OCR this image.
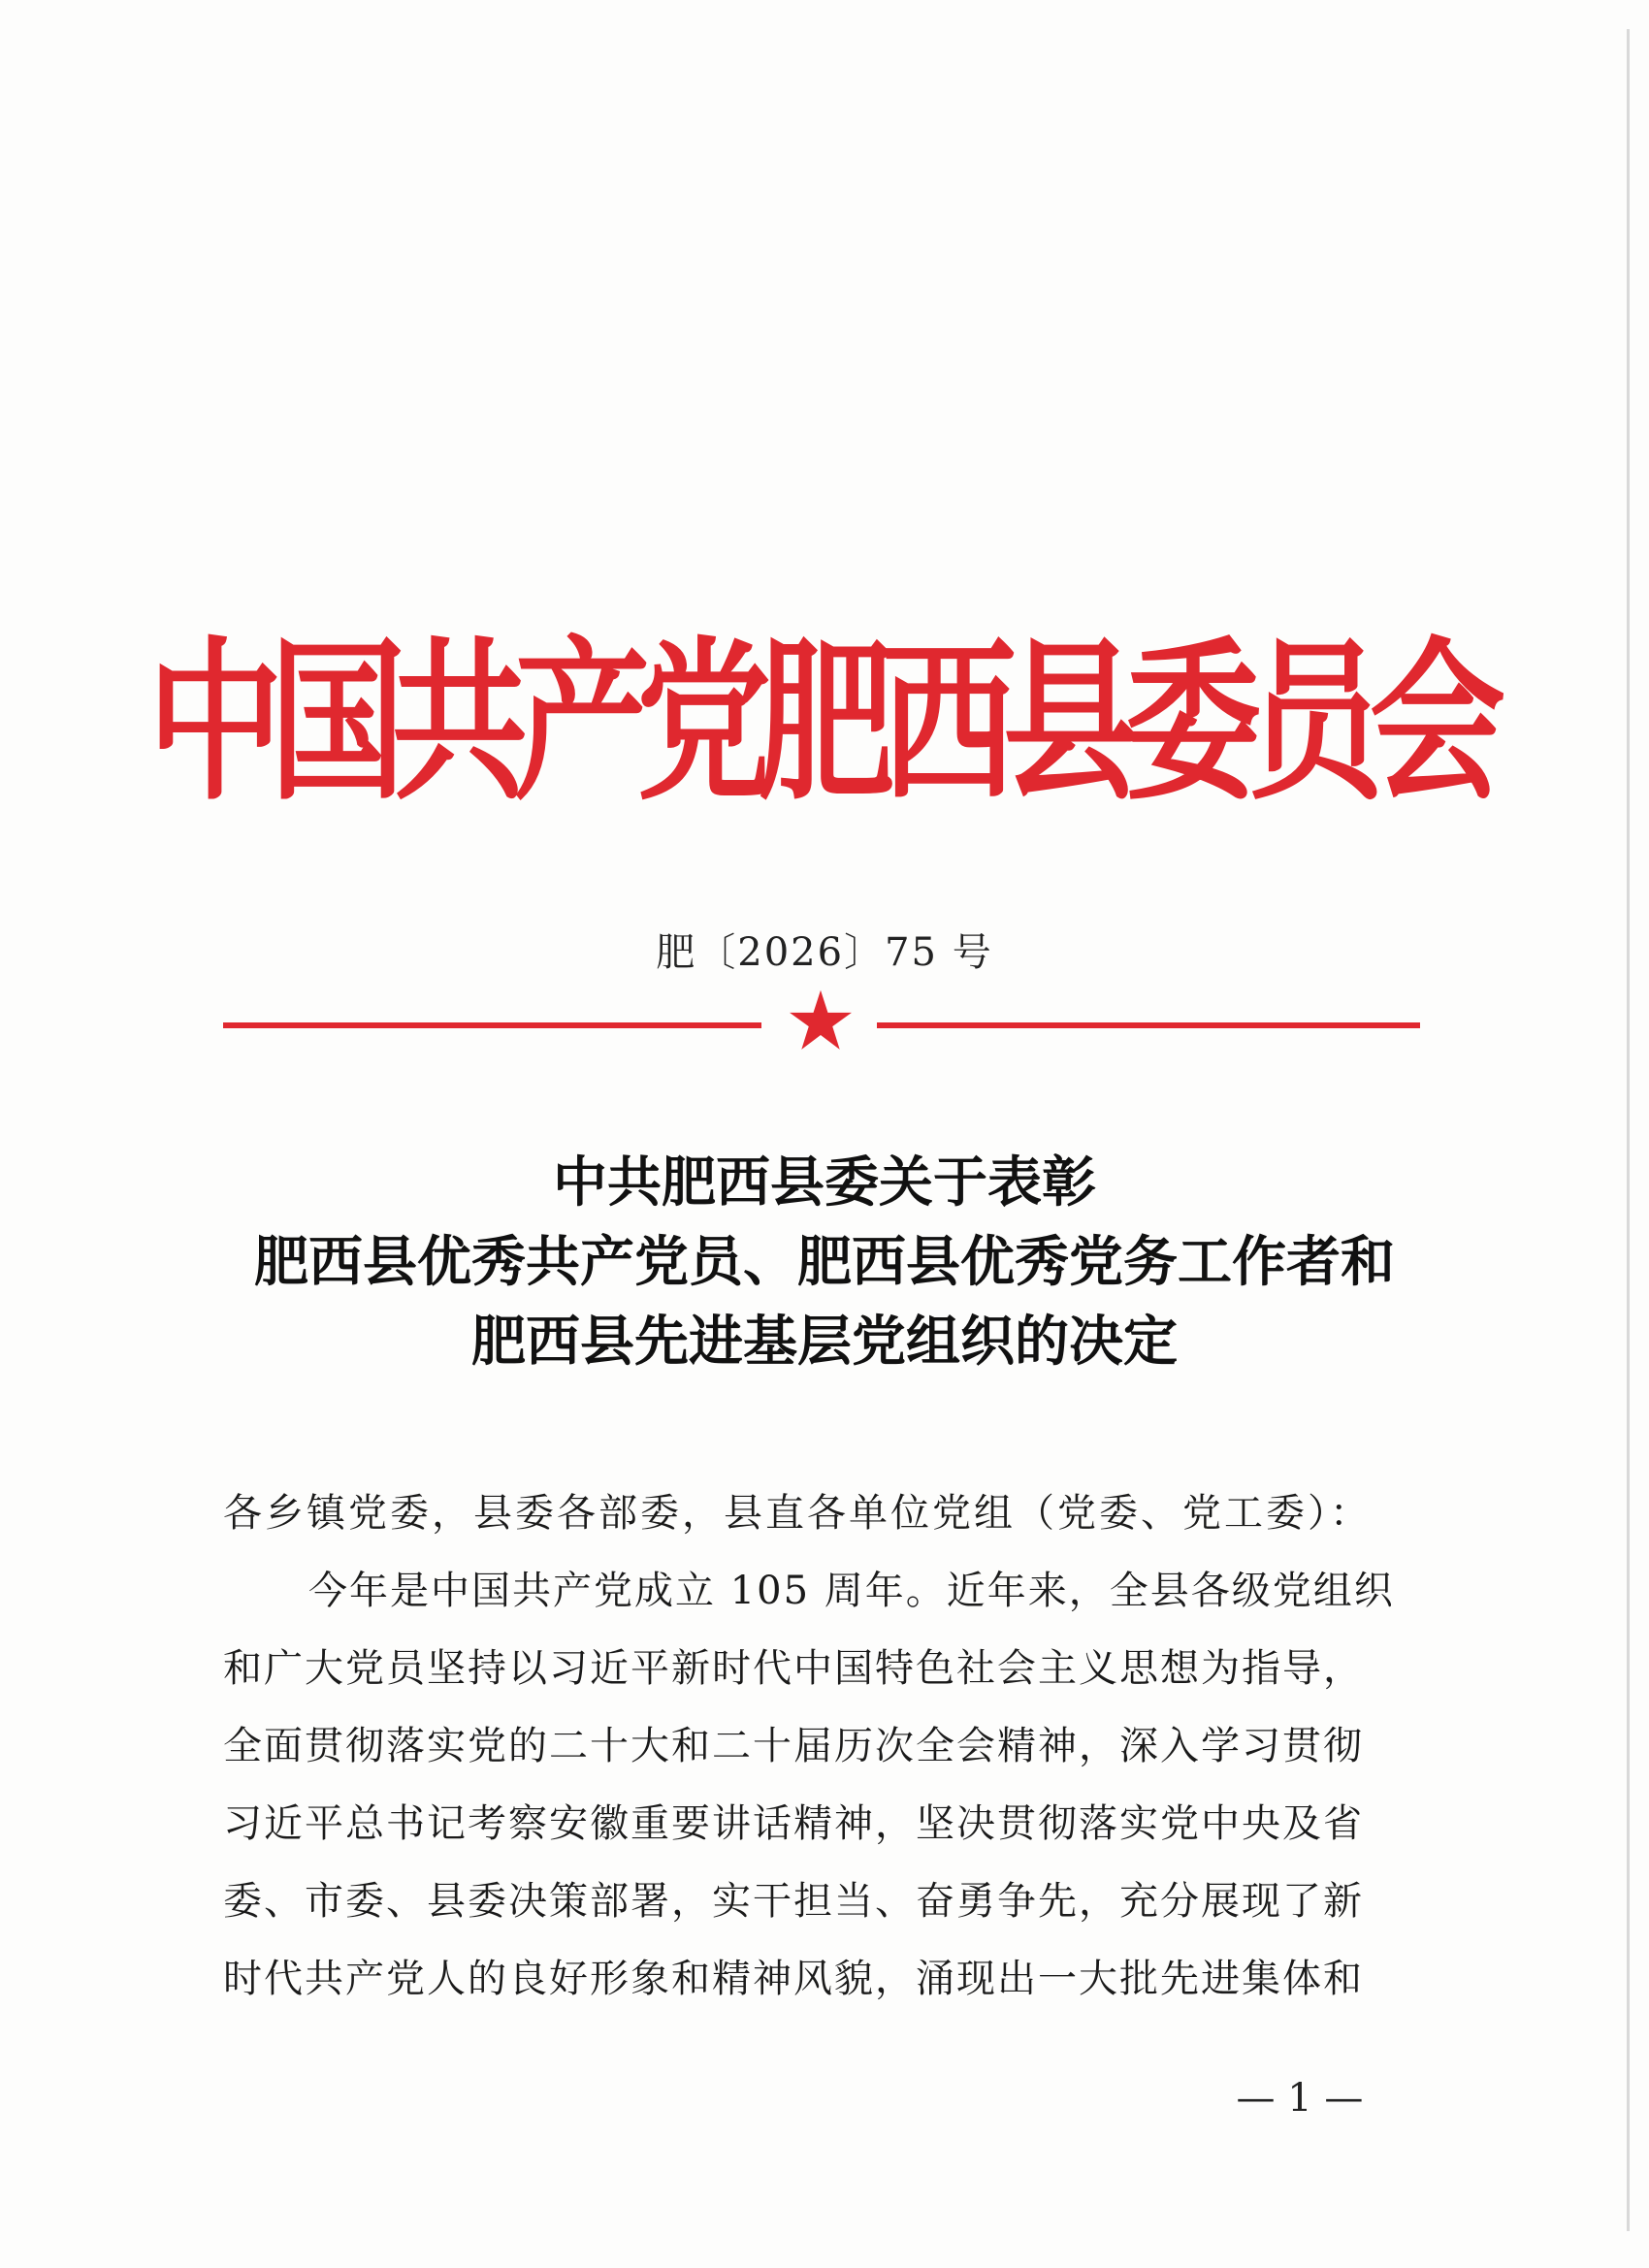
中国共产党肥西县委员会
肥〔2026〕75 号
中共肥西县委关于表彰
肥西县优秀共产党员、肥西县优秀党务工作者和
肥西县先进基层党组织的决定

各乡镇党委，县委各部委，县直各单位党组（党委、党工委）：

今年是中国共产党成立 105 周年。近年来，全县各级党组织

和广大党员坚持以习近平新时代中国特色社会主义思想为指导，

全面贯彻落实党的二十大和二十届历次全会精神，深入学习贯彻

习近平总书记考察安徽重要讲话精神，坚决贯彻落实党中央及省

委、市委、县委决策部署，实干担当、奋勇争先，充分展现了新

时代共产党人的良好形象和精神风貌，涌现出一大批先进集体和

— 1 —
